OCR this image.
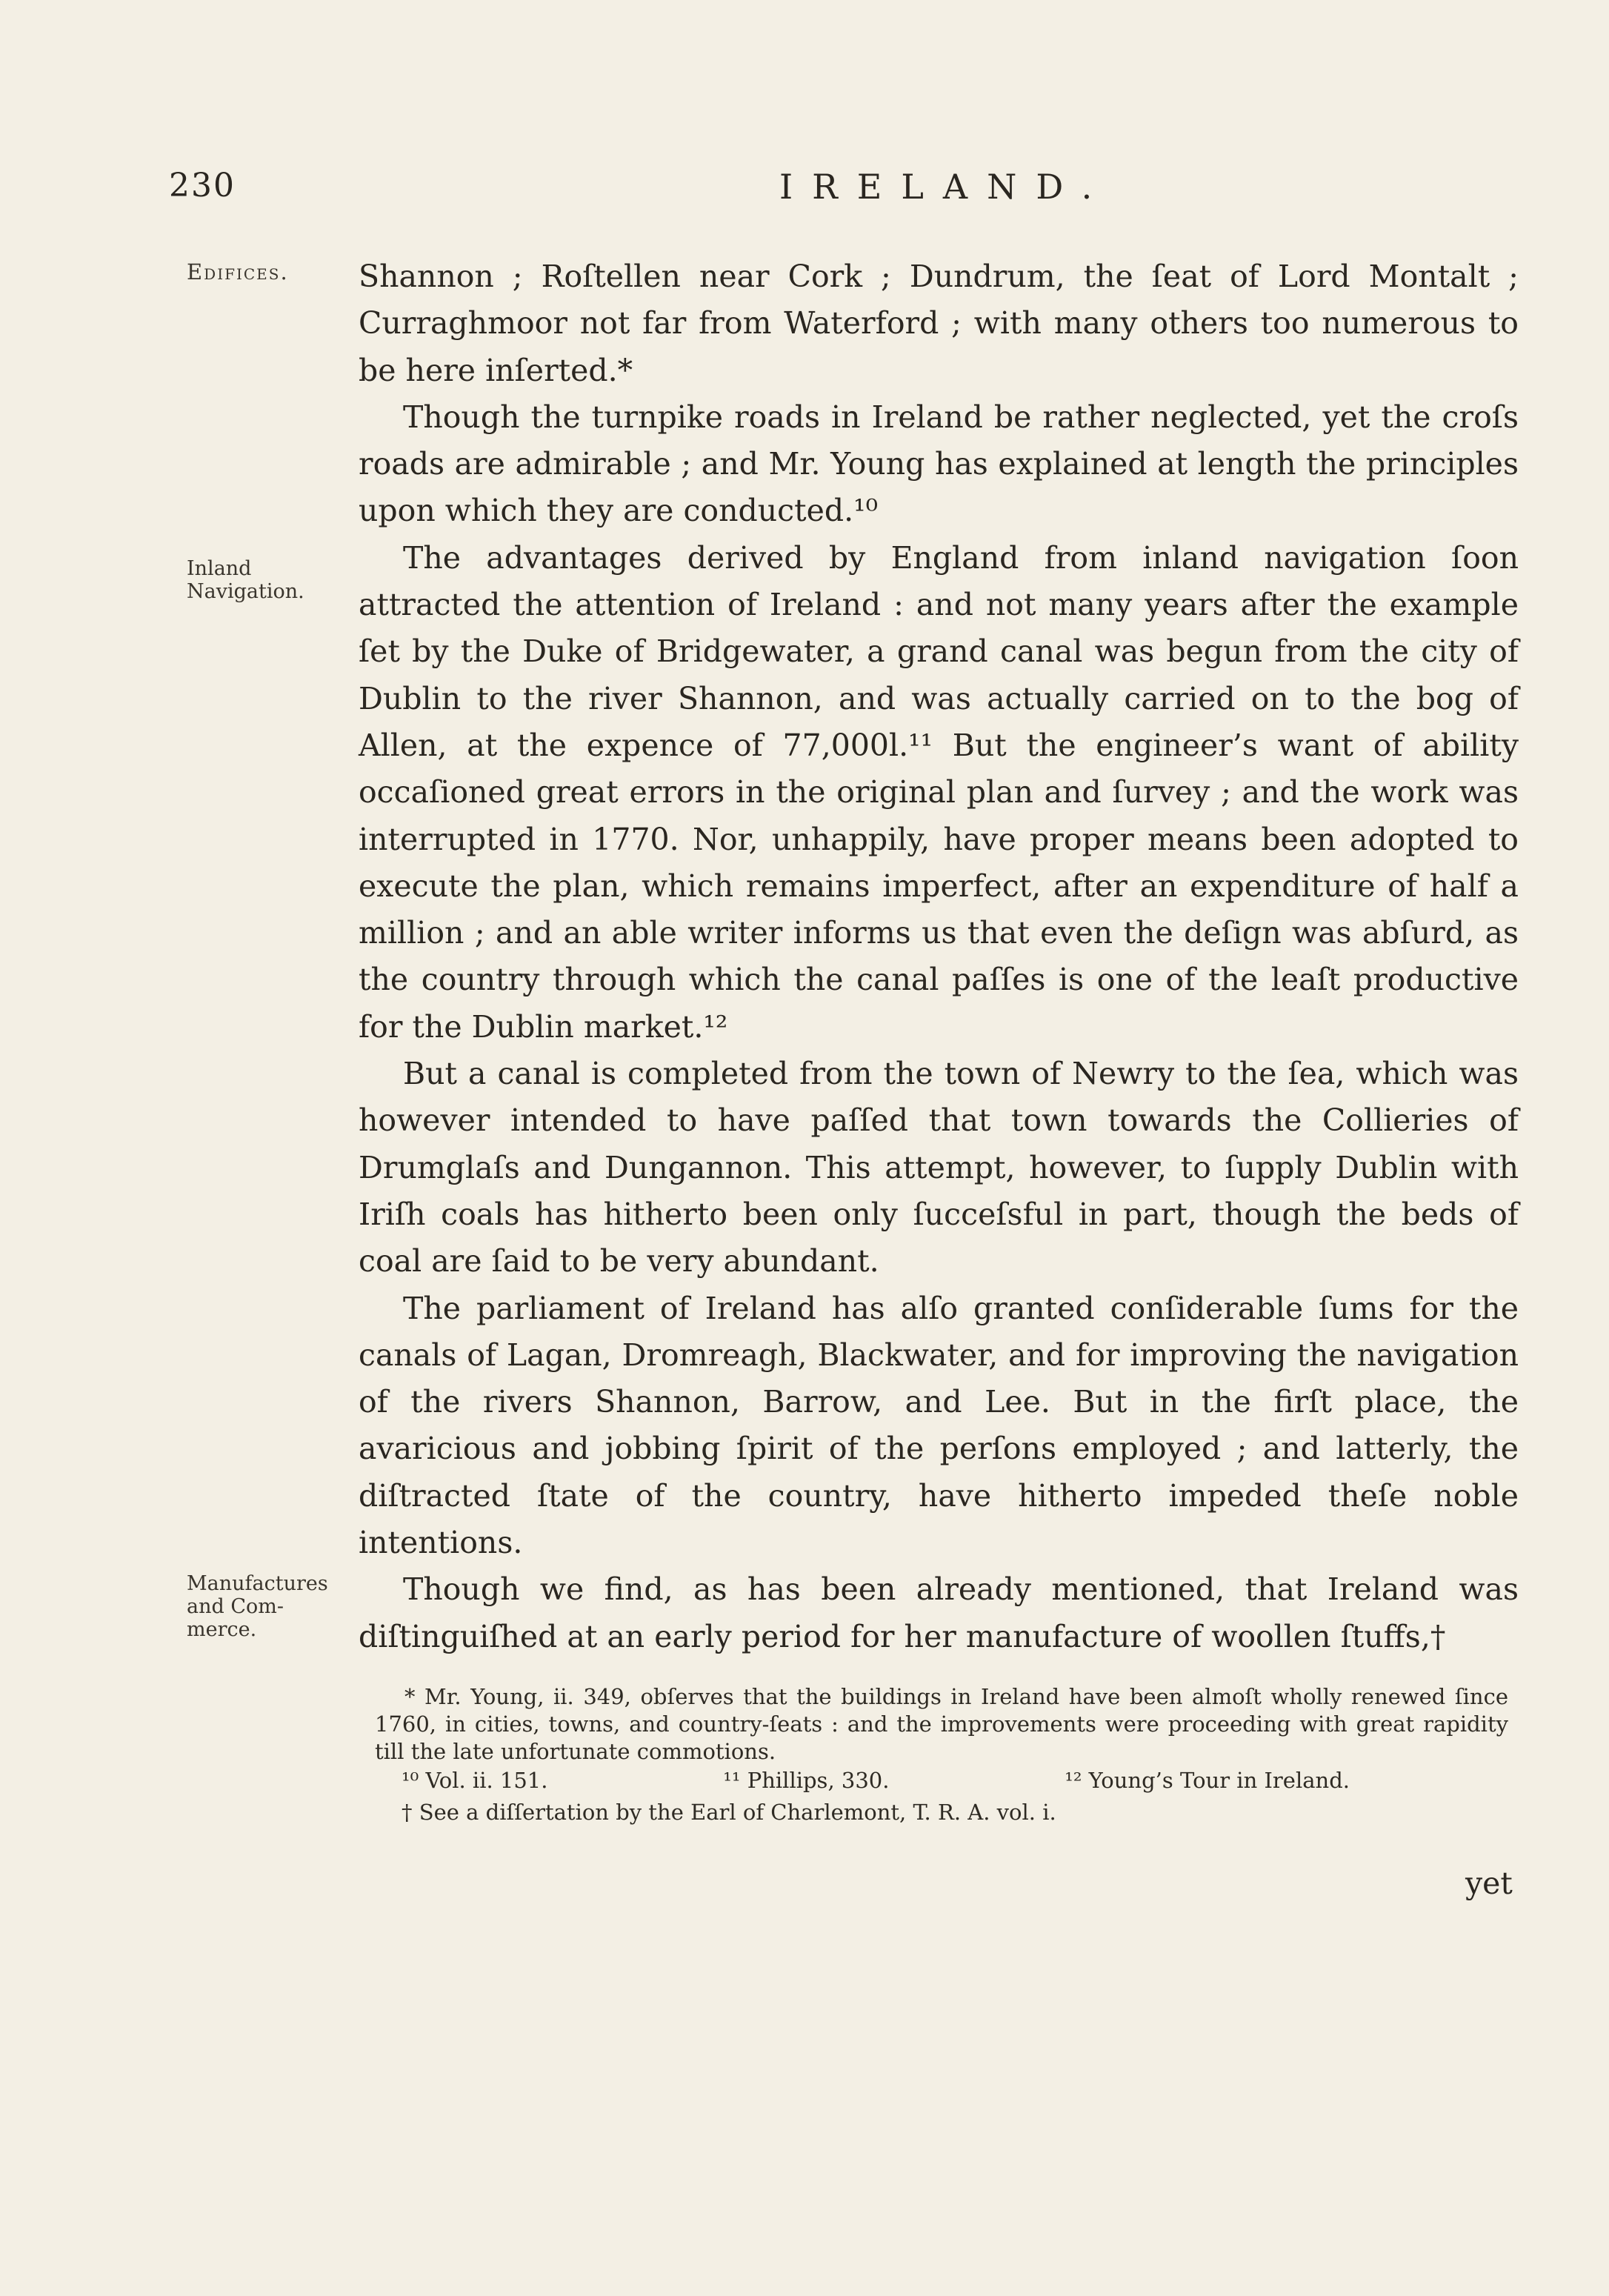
230	IRELAND.
Edifices.
Inland Navigation.
Manufactures and Com- merce.

Shannon ; Roſtellen near Cork ; Dundrum, the ſeat of Lord Montalt ; Curraghmoor not far from Waterford ; with many others too numerous to be here inſerted.*

Though the turnpike roads in Ireland be rather neglected, yet the croſs roads are admirable ; and Mr. Young has explained at length the principles upon which they are conducted.¹⁰

The advantages derived by England from inland navigation ſoon attracted the attention of Ireland : and not many years after the example ſet by the Duke of Bridgewater, a grand canal was begun from the city of Dublin to the river Shannon, and was actually carried on to the bog of Allen, at the expence of 77,000l.¹¹ But the engineer’s want of ability occaſioned great errors in the original plan and ſurvey ; and the work was interrupted in 1770. Nor, unhappily, have proper means been adopted to execute the plan, which remains imperfect, after an expenditure of half a million ; and an able writer informs us that even the deſign was abſurd, as the country through which the canal paſſes is one of the leaſt productive for the Dublin market.¹²

But a canal is completed from the town of Newry to the ſea, which was however intended to have paſſed that town towards the Collieries of Drumglaſs and Dungannon. This attempt, however, to ſupply Dublin with Iriſh coals has hitherto been only ſucceſsful in part, though the beds of coal are ſaid to be very abundant.

The parliament of Ireland has alſo granted conſiderable ſums for the canals of Lagan, Dromreagh, Blackwater, and for improving the navigation of the rivers Shannon, Barrow, and Lee. But in the firſt place, the avaricious and jobbing ſpirit of the perſons employed ; and latterly, the diſtracted ſtate of the country, have hitherto impeded theſe noble intentions.

Though we find, as has been already mentioned, that Ireland was diſtinguiſhed at an early period for her manufacture of woollen ſtuffs,†

* Mr. Young, ii. 349, obſerves that the buildings in Ireland have been almoſt wholly renewed ſince 1760, in cities, towns, and country-ſeats : and the improvements were proceeding with great rapidity till the late unfortunate commotions.

¹⁰ Vol. ii. 151.	¹¹ Phillips, 330.	¹² Young’s Tour in Ireland.

† See a diſſertation by the Earl of Charlemont, T. R. A. vol. i.

yet
